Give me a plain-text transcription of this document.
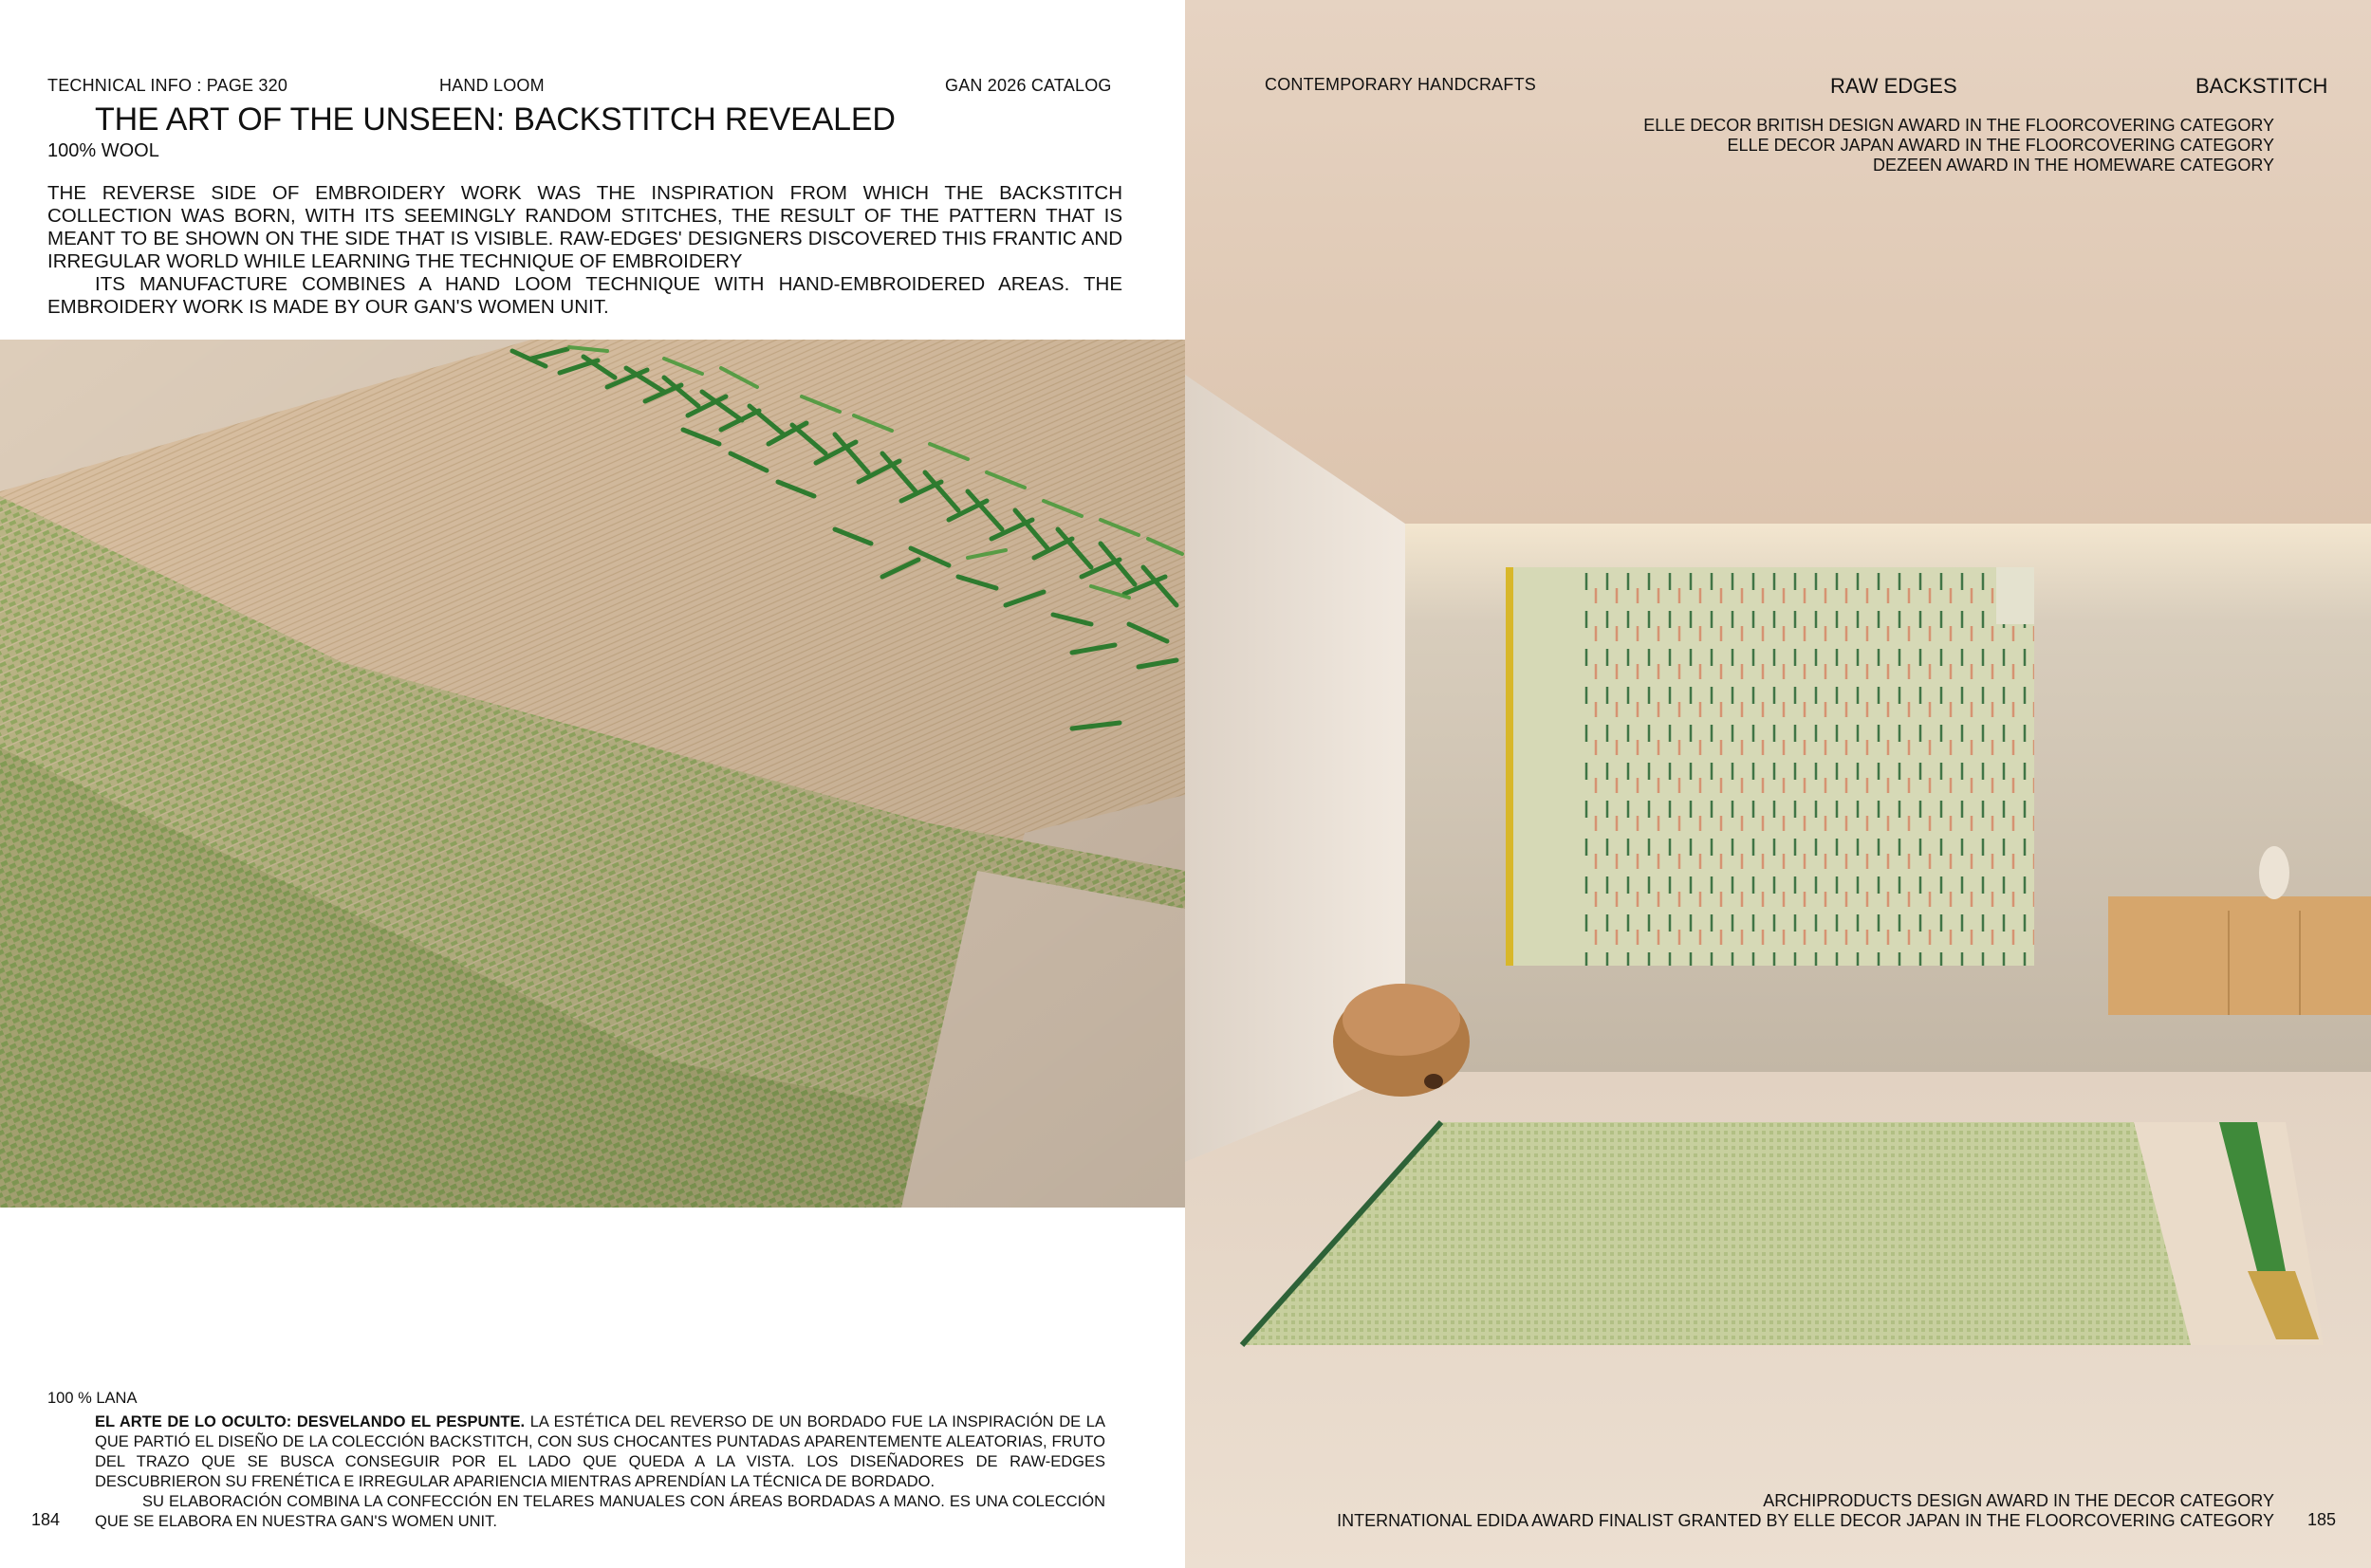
TECHNICAL INFO : PAGE 320	HAND LOOM	GAN 2026 CATALOG
THE ART OF THE UNSEEN: BACKSTITCH REVEALED
100% WOOL

THE REVERSE SIDE OF EMBROIDERY WORK WAS THE INSPIRATION FROM WHICH THE BACKSTITCH COLLECTION WAS BORN, WITH ITS SEEMINGLY RANDOM STITCHES, THE RESULT OF THE PATTERN THAT IS MEANT TO BE SHOWN ON THE SIDE THAT IS VISIBLE. RAW-EDGES' DESIGNERS DISCOVERED THIS FRANTIC AND IRREGULAR WORLD WHILE LEARNING THE TECHNIQUE OF EMBROIDERY

ITS MANUFACTURE COMBINES A HAND LOOM TECHNIQUE WITH HAND-EMBROIDERED AREAS. THE EMBROIDERY WORK IS MADE BY OUR GAN'S WOMEN UNIT.

100 % LANA

EL ARTE DE LO OCULTO: DESVELANDO EL PESPUNTE. LA ESTÉTICA DEL REVERSO DE UN BORDADO FUE LA INSPIRACIÓN DE LA QUE PARTIÓ EL DISEÑO DE LA COLECCIÓN BACKSTITCH, CON SUS CHOCANTES PUNTADAS APARENTEMENTE ALEATORIAS, FRUTO DEL TRAZO QUE SE BUSCA CONSEGUIR POR EL LADO QUE QUEDA A LA VISTA. LOS DISEÑADORES DE RAW-EDGES DESCUBRIERON SU FRENÉTICA E IRREGULAR APARIENCIA MIENTRAS APRENDÍAN LA TÉCNICA DE BORDADO.

SU ELABORACIÓN COMBINA LA CONFECCIÓN EN TELARES MANUALES CON ÁREAS BORDADAS A MANO. ES UNA COLECCIÓN QUE SE ELABORA EN NUESTRA GAN'S WOMEN UNIT.

184
CONTEMPORARY HANDCRAFTS	RAW EDGES	BACKSTITCH
ELLE DECOR BRITISH DESIGN AWARD IN THE FLOORCOVERING CATEGORY
ELLE DECOR JAPAN AWARD IN THE FLOORCOVERING CATEGORY
DEZEEN AWARD IN THE HOMEWARE CATEGORY
ARCHIPRODUCTS DESIGN AWARD IN THE DECOR CATEGORY
INTERNATIONAL EDIDA AWARD FINALIST GRANTED BY ELLE DECOR JAPAN IN THE FLOORCOVERING CATEGORY 185
